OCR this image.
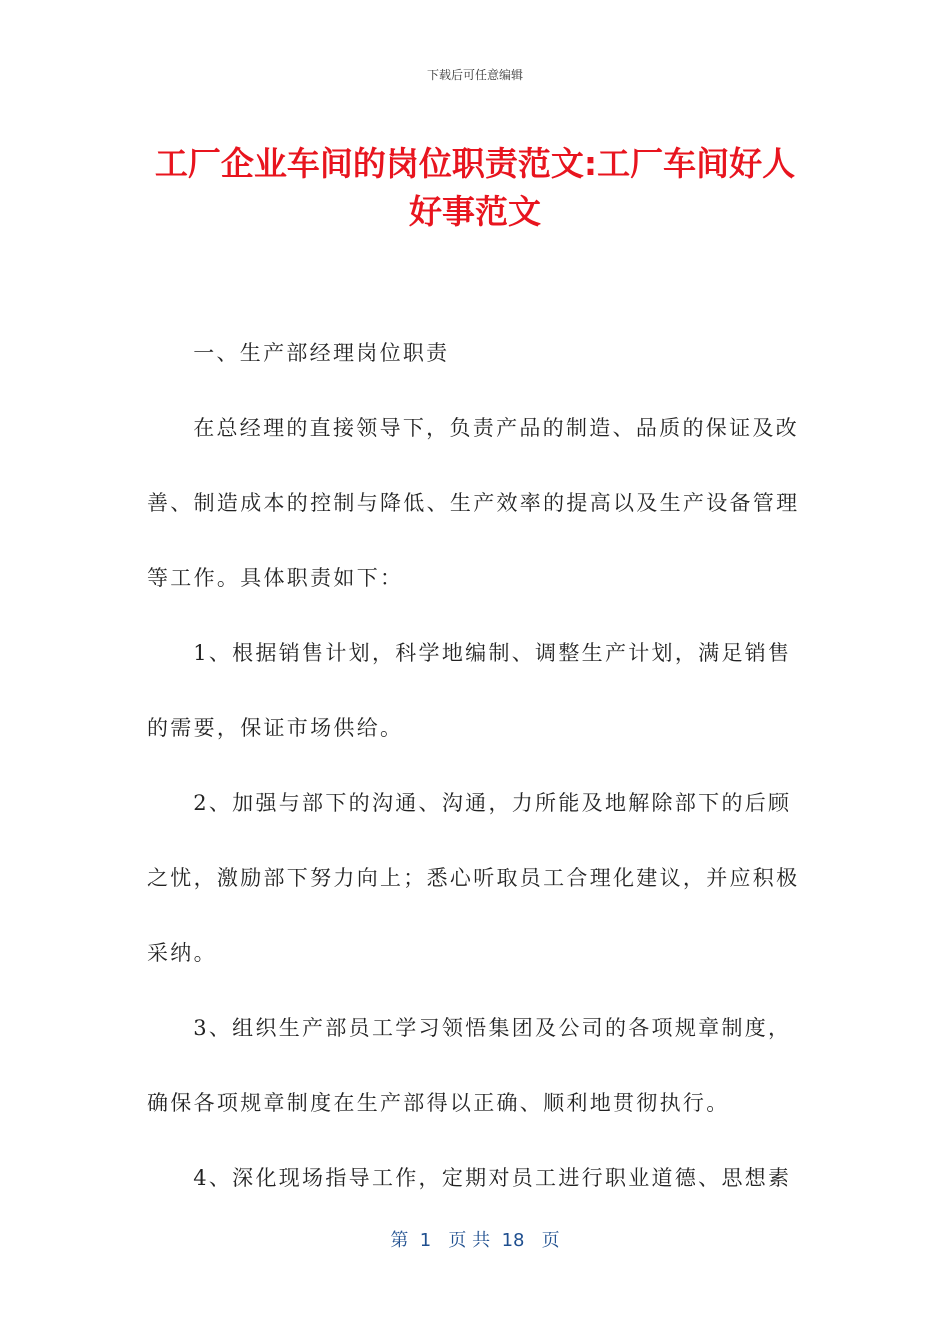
下载后可任意编辑
工厂企业车间的岗位职责范文:工厂车间好人好事范文

一、生产部经理岗位职责

在总经理的直接领导下，负责产品的制造、品质的保证及改善、制造成本的控制与降低、生产效率的提高以及生产设备管理等工作。具体职责如下：

1、根据销售计划，科学地编制、调整生产计划，满足销售的需要，保证市场供给。

2、加强与部下的沟通、沟通，力所能及地解除部下的后顾之忧，激励部下努力向上；悉心听取员工合理化建议，并应积极采纳。

3、组织生产部员工学习领悟集团及公司的各项规章制度，确保各项规章制度在生产部得以正确、顺利地贯彻执行。

4、深化现场指导工作，定期对员工进行职业道德、思想素

第  1   页 共  18   页
